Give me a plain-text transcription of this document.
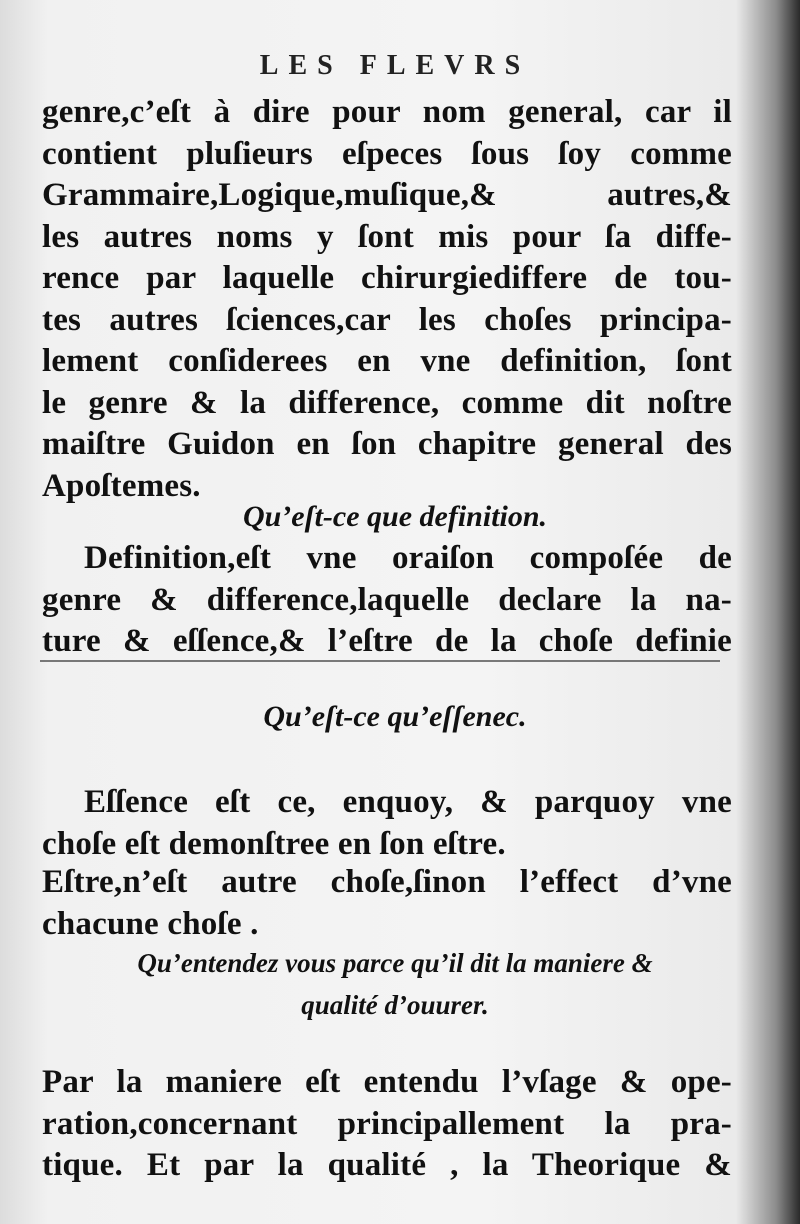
LES FLEVRS
genre,c’eſt à dire pour nom general, car il
contient pluſieurs eſpeces ſous ſoy comme
Grammaire,Logique,muſique,& autres,&
les autres noms y ſont mis pour ſa diffe-
rence par laquelle chirurgiediffere de tou-
tes autres ſciences,car les choſes principa-
lement conſiderees en vne definition, ſont
le genre & la difference, comme dit noſtre
maiſtre Guidon en ſon chapitre general des
Apoſtemes.
Qu’eſt-ce que definition.
Definition,eſt vne oraiſon compoſée de
genre & difference,laquelle declare la na-
ture & eſſence,& l’eſtre de la choſe definie
Qu’eſt-ce qu’eſſenec.
Eſſence eſt ce, enquoy, & parquoy vne
choſe eſt demonſtree en ſon eſtre.
Eſtre,n’eſt autre choſe,ſinon l’effect d’vne
chacune choſe .
Qu’entendez vous parce qu’il dit la maniere &
qualité d’ouurer.
Par la maniere eſt entendu l’vſage & ope-
ration,concernant principallement la pra-
tique. Et par la qualité , la Theorique &
